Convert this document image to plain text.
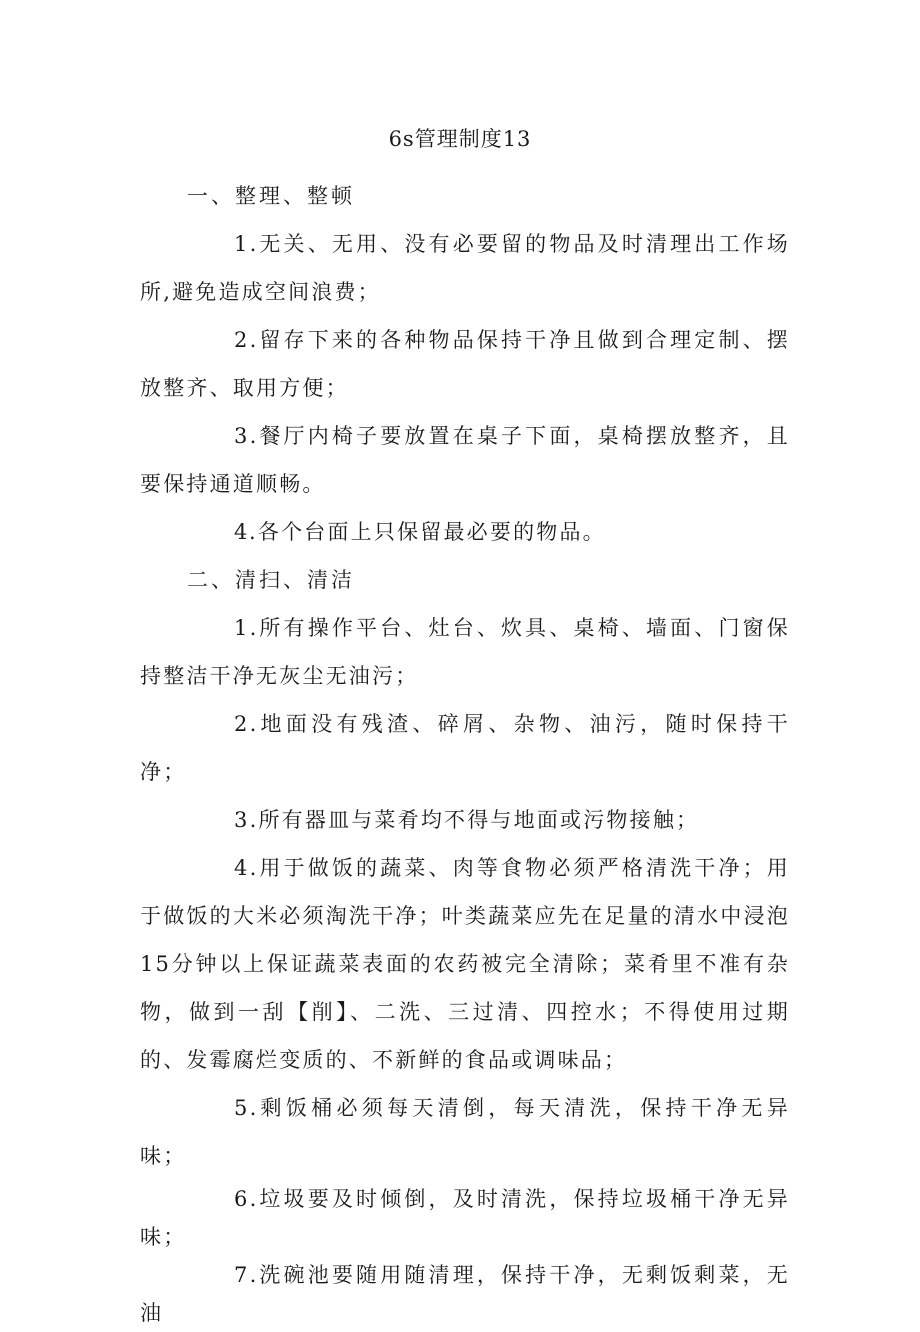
6s管理制度13

一、整理、整顿

1.无关、无用、没有必要留的物品及时清理出工作场所,避免造成空间浪费；

2.留存下来的各种物品保持干净且做到合理定制、摆放整齐、取用方便；

3.餐厅内椅子要放置在桌子下面，桌椅摆放整齐，且要保持通道顺畅。

4.各个台面上只保留最必要的物品。

二、清扫、清洁

1.所有操作平台、灶台、炊具、桌椅、墙面、门窗保持整洁干净无灰尘无油污；

2.地面没有残渣、碎屑、杂物、油污，随时保持干净；

3.所有器皿与菜肴均不得与地面或污物接触；

4.用于做饭的蔬菜、肉等食物必须严格清洗干净；用于做饭的大米必须淘洗干净；叶类蔬菜应先在足量的清水中浸泡15分钟以上保证蔬菜表面的农药被完全清除；菜肴里不准有杂物，做到一刮【削】、二洗、三过清、四控水；不得使用过期的、发霉腐烂变质的、不新鲜的食品或调味品；

5.剩饭桶必须每天清倒，每天清洗，保持干净无异味；

6.垃圾要及时倾倒，及时清洗，保持垃圾桶干净无异味；

7.洗碗池要随用随清理，保持干净，无剩饭剩菜，无油
